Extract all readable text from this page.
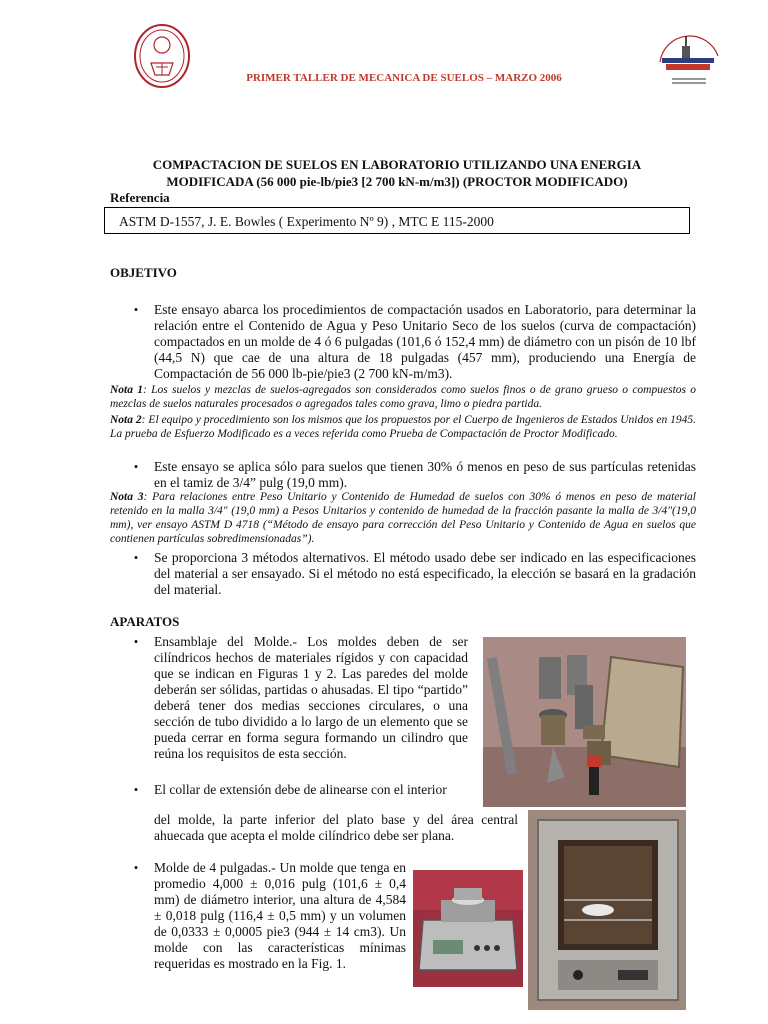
PRIMER TALLER DE MECANICA DE SUELOS – MARZO 2006
COMPACTACION DE SUELOS EN LABORATORIO UTILIZANDO UNA ENERGIA
MODIFICADA (56 000 pie-lb/pie3 [2 700 kN-m/m3]) (PROCTOR MODIFICADO)
Referencia
ASTM D-1557, J. E. Bowles ( Experimento Nº 9) , MTC E 115-2000
OBJETIVO
•	Este ensayo abarca los procedimientos de compactación usados en Laboratorio, para determinar la relación entre el Contenido de Agua y Peso Unitario Seco de los suelos (curva de compactación) compactados en un molde de 4 ó 6 pulgadas (101,6 ó 152,4 mm) de diámetro con un pisón de 10 lbf (44,5 N) que cae de una altura de 18 pulgadas (457 mm), produciendo una Energía de Compactación de 56 000 lb-pie/pie3 (2 700 kN-m/m3).
Nota 1: Los suelos y mezclas de suelos-agregados son considerados como suelos finos o de grano grueso o compuestos o mezclas de suelos naturales procesados o agregados tales como grava, limo o piedra partida.
Nota 2: El equipo y procedimiento son los mismos que los propuestos por el Cuerpo de Ingenieros de Estados Unidos en 1945. La prueba de Esfuerzo Modificado es a veces referida como Prueba de Compactación de Proctor Modificado.
•	Este ensayo se aplica sólo para suelos que tienen 30% ó menos en peso de sus partículas retenidas en el tamiz de 3/4” pulg (19,0 mm).
Nota 3: Para relaciones entre Peso Unitario y Contenido de Humedad de suelos con 30% ó menos en peso de material retenido en la malla 3/4" (19,0 mm) a Pesos Unitarios y contenido de humedad de la fracción pasante la malla de 3/4"(19,0 mm), ver ensayo ASTM D 4718 (“Método de ensayo para corrección del Peso Unitario y Contenido de Agua en suelos que contienen partículas sobredimensionadas”).
•	Se proporciona 3 métodos alternativos. El método usado debe ser indicado en las especificaciones del material a ser ensayado. Si el método no está especificado, la elección se basará en la gradación del material.
APARATOS
•	Ensamblaje del Molde.- Los moldes deben de ser cilíndricos hechos de materiales rígidos y con capacidad que se indican en Figuras 1 y 2. Las paredes del molde deberán ser sólidas, partidas o ahusadas. El tipo “partido” deberá tener dos medias secciones circulares, o una sección de tubo dividido a lo largo de un elemento que se pueda cerrar en forma segura formando un cilindro que reúna los requisitos de esta sección.
•	El collar de extensión debe de alinearse con el interior
del molde, la parte inferior del plato base y del área central ahuecada que acepta el molde cilíndrico debe ser plana.
•	Molde de 4 pulgadas.- Un molde que tenga en promedio 4,000 ± 0,016 pulg (101,6 ± 0,4 mm) de diámetro interior, una altura de 4,584 ± 0,018 pulg (116,4 ± 0,5 mm) y un volumen de 0,0333 ± 0,0005 pie3 (944 ± 14 cm3). Un molde con las características mínimas requeridas es mostrado en la Fig. 1.
